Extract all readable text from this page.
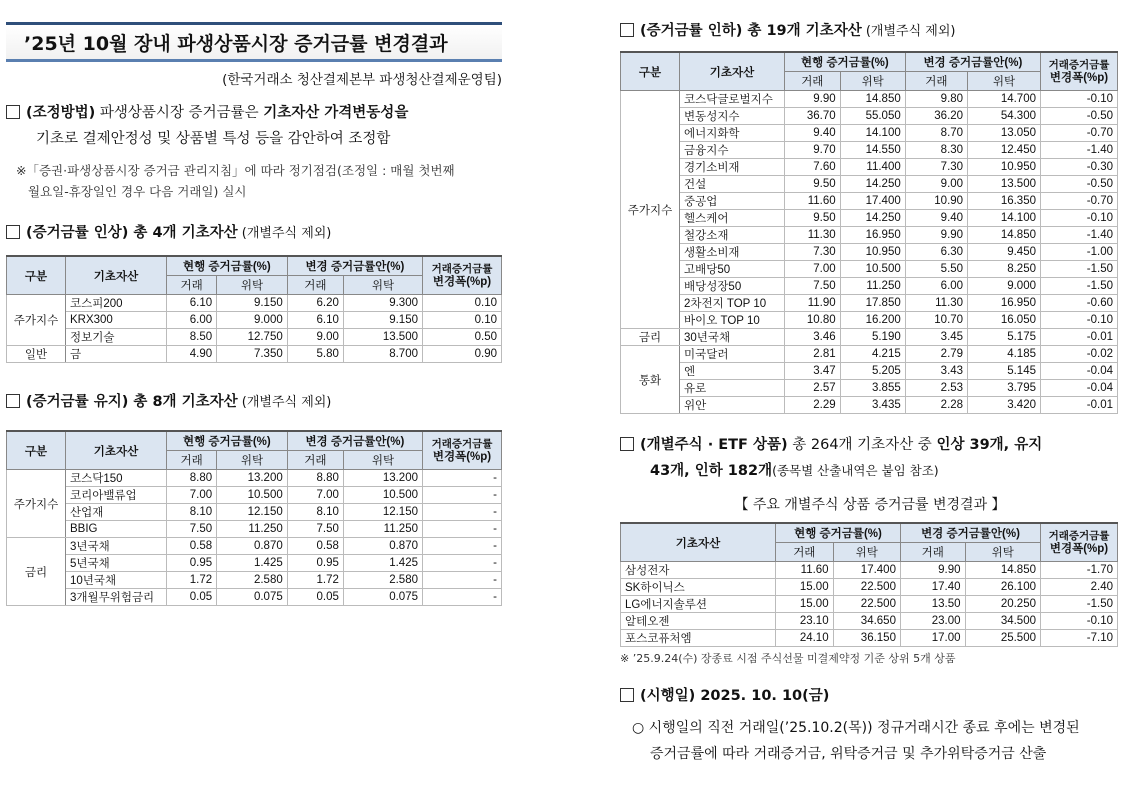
’25년 10월 장내 파생상품시장 증거금률 변경결과
(한국거래소 청산결제본부 파생청산결제운영팀)
(조정방법) 파생상품시장 증거금률은 기초자산 가격변동성을
기초로 결제안정성 및 상품별 특성 등을 감안하여 조정함
※「증권·파생상품시장 증거금 관리지침」에 따라 정기점검(조정일 : 매월 첫번째
월요일-휴장일인 경우 다음 거래일) 실시
(증거금률 인상) 총 4개 기초자산 (개별주식 제외)
구분	기초자산	현행 증거금률(%)		변경 증거금률안(%)		거래증거금률
변경폭(%p)

		거래	위탁	거래	위탁	
주가지수	코스피200	6.10	9.150	6.20	9.300	0.10
	KRX300	6.00	9.000	6.10	9.150	0.10
	정보기술	8.50	12.750	9.00	13.500	0.50
일반	금	4.90	7.350	5.80	8.700	0.90
(증거금률 유지) 총 8개 기초자산 (개별주식 제외)
구분	기초자산	현행 증거금률(%)		변경 증거금률안(%)		거래증거금률
변경폭(%p)

		거래	위탁	거래	위탁	
주가지수	코스닥150	8.80	13.200	8.80	13.200	-
	코리아밸류업	7.00	10.500	7.00	10.500	-
	산업재	8.10	12.150	8.10	12.150	-
	BBIG	7.50	11.250	7.50	11.250	-
금리	3년국채	0.58	0.870	0.58	0.870	-
	5년국채	0.95	1.425	0.95	1.425	-
	10년국채	1.72	2.580	1.72	2.580	-
	3개월무위험금리	0.05	0.075	0.05	0.075	-
(증거금률 인하) 총 19개 기초자산 (개별주식 제외)
구분	기초자산	현행 증거금률(%)		변경 증거금률안(%)		거래증거금률
변경폭(%p)

		거래	위탁	거래	위탁	
주가지수	코스닥글로벌지수	9.90	14.850	9.80	14.700	-0.10
	변동성지수	36.70	55.050	36.20	54.300	-0.50
	에너지화학	9.40	14.100	8.70	13.050	-0.70
	금융지수	9.70	14.550	8.30	12.450	-1.40
	경기소비재	7.60	11.400	7.30	10.950	-0.30
	건설	9.50	14.250	9.00	13.500	-0.50
	중공업	11.60	17.400	10.90	16.350	-0.70
	헬스케어	9.50	14.250	9.40	14.100	-0.10
	철강소재	11.30	16.950	9.90	14.850	-1.40
	생활소비재	7.30	10.950	6.30	9.450	-1.00
	고배당50	7.00	10.500	5.50	8.250	-1.50
	배당성장50	7.50	11.250	6.00	9.000	-1.50
	2차전지 TOP 10	11.90	17.850	11.30	16.950	-0.60
	바이오 TOP 10	10.80	16.200	10.70	16.050	-0.10
금리	30년국채	3.46	5.190	3.45	5.175	-0.01
통화	미국달러	2.81	4.215	2.79	4.185	-0.02
	엔	3.47	5.205	3.43	5.145	-0.04
	유로	2.57	3.855	2.53	3.795	-0.04
	위안	2.29	3.435	2.28	3.420	-0.01
(개별주식 · ETF 상품) 총 264개 기초자산 중 인상 39개, 유지
43개, 인하 182개(종목별 산출내역은 붙임 참조)
【 주요 개별주식 상품 증거금률 변경결과 】
기초자산	현행 증거금률(%)		변경 증거금률안(%)		거래증거금률
변경폭(%p)

	거래	위탁	거래	위탁	
삼성전자	11.60	17.400	9.90	14.850	-1.70
SK하이닉스	15.00	22.500	17.40	26.100	2.40
LG에너지솔루션	15.00	22.500	13.50	20.250	-1.50
알테오젠	23.10	34.650	23.00	34.500	-0.10
포스코퓨처엠	24.10	36.150	17.00	25.500	-7.10
※ ’25.9.24(수) 장종료 시점 주식선물 미결제약정 기준 상위 5개 상품
(시행일) 2025. 10. 10(금)
○ 시행일의 직전 거래일(’25.10.2(목)) 정규거래시간 종료 후에는 변경된
증거금률에 따라 거래증거금, 위탁증거금 및 추가위탁증거금 산출
